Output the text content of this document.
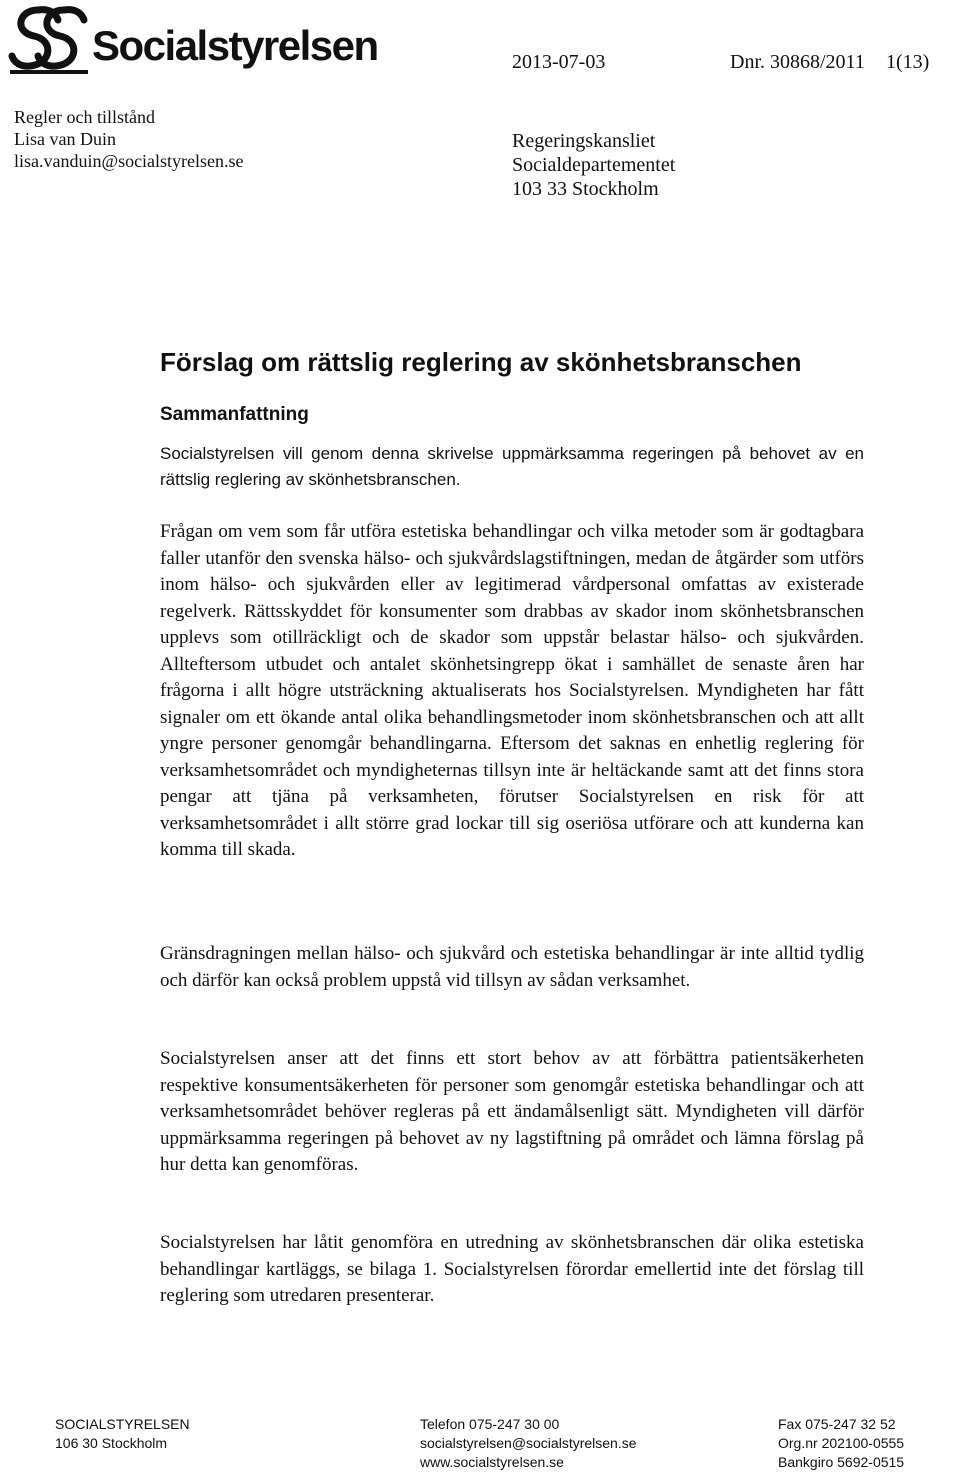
Socialstyrelsen	2013-07-03	Dnr. 30868/2011 1(13)
Regler och tillstånd
Lisa van Duin
lisa.vanduin@socialstyrelsen.se
Regeringskansliet
Socialdepartementet
103 33 Stockholm
Förslag om rättslig reglering av skönhetsbranschen
Sammanfattning

Socialstyrelsen vill genom denna skrivelse uppmärksamma regeringen på behovet av en rättslig reglering av skönhetsbranschen.

Frågan om vem som får utföra estetiska behandlingar och vilka metoder som är godtagbara faller utanför den svenska hälso- och sjukvårdslagstiftningen, medan de åtgärder som utförs inom hälso- och sjukvården eller av legitimerad vårdpersonal omfattas av existerade regelverk. Rättsskyddet för konsumenter som drabbas av skador inom skönhetsbranschen upplevs som otillräckligt och de skador som uppstår belastar hälso- och sjukvården. Allteftersom utbudet och antalet skönhetsingrepp ökat i samhället de senaste åren har frågorna i allt högre utsträckning aktualiserats hos Socialstyrelsen. Myndigheten har fått signaler om ett ökande antal olika behandlingsmetoder inom skönhetsbranschen och att allt yngre personer genomgår behandlingarna. Eftersom det saknas en enhetlig reglering för verksamhetsområdet och myndigheternas tillsyn inte är heltäckande samt att det finns stora pengar att tjäna på verksamheten, förutser Socialstyrelsen en risk för att verksamhetsområdet i allt större grad lockar till sig oseriösa utförare och att kunderna kan komma till skada.

Gränsdragningen mellan hälso- och sjukvård och estetiska behandlingar är inte alltid tydlig och därför kan också problem uppstå vid tillsyn av sådan verksamhet.

Socialstyrelsen anser att det finns ett stort behov av att förbättra patientsäkerheten respektive konsumentsäkerheten för personer som genomgår estetiska behandlingar och att verksamhetsområdet behöver regleras på ett ändamålsenligt sätt. Myndigheten vill därför uppmärksamma regeringen på behovet av ny lagstiftning på området och lämna förslag på hur detta kan genomföras.

Socialstyrelsen har låtit genomföra en utredning av skönhetsbranschen där olika estetiska behandlingar kartläggs, se bilaga 1. Socialstyrelsen förordar emellertid inte det förslag till reglering som utredaren presenterar.

SOCIALSTYRELSEN
106 30 Stockholm
Telefon 075-247 30 00
socialstyrelsen@socialstyrelsen.se
www.socialstyrelsen.se
Fax 075-247 32 52
Org.nr 202100-0555
Bankgiro 5692-0515
